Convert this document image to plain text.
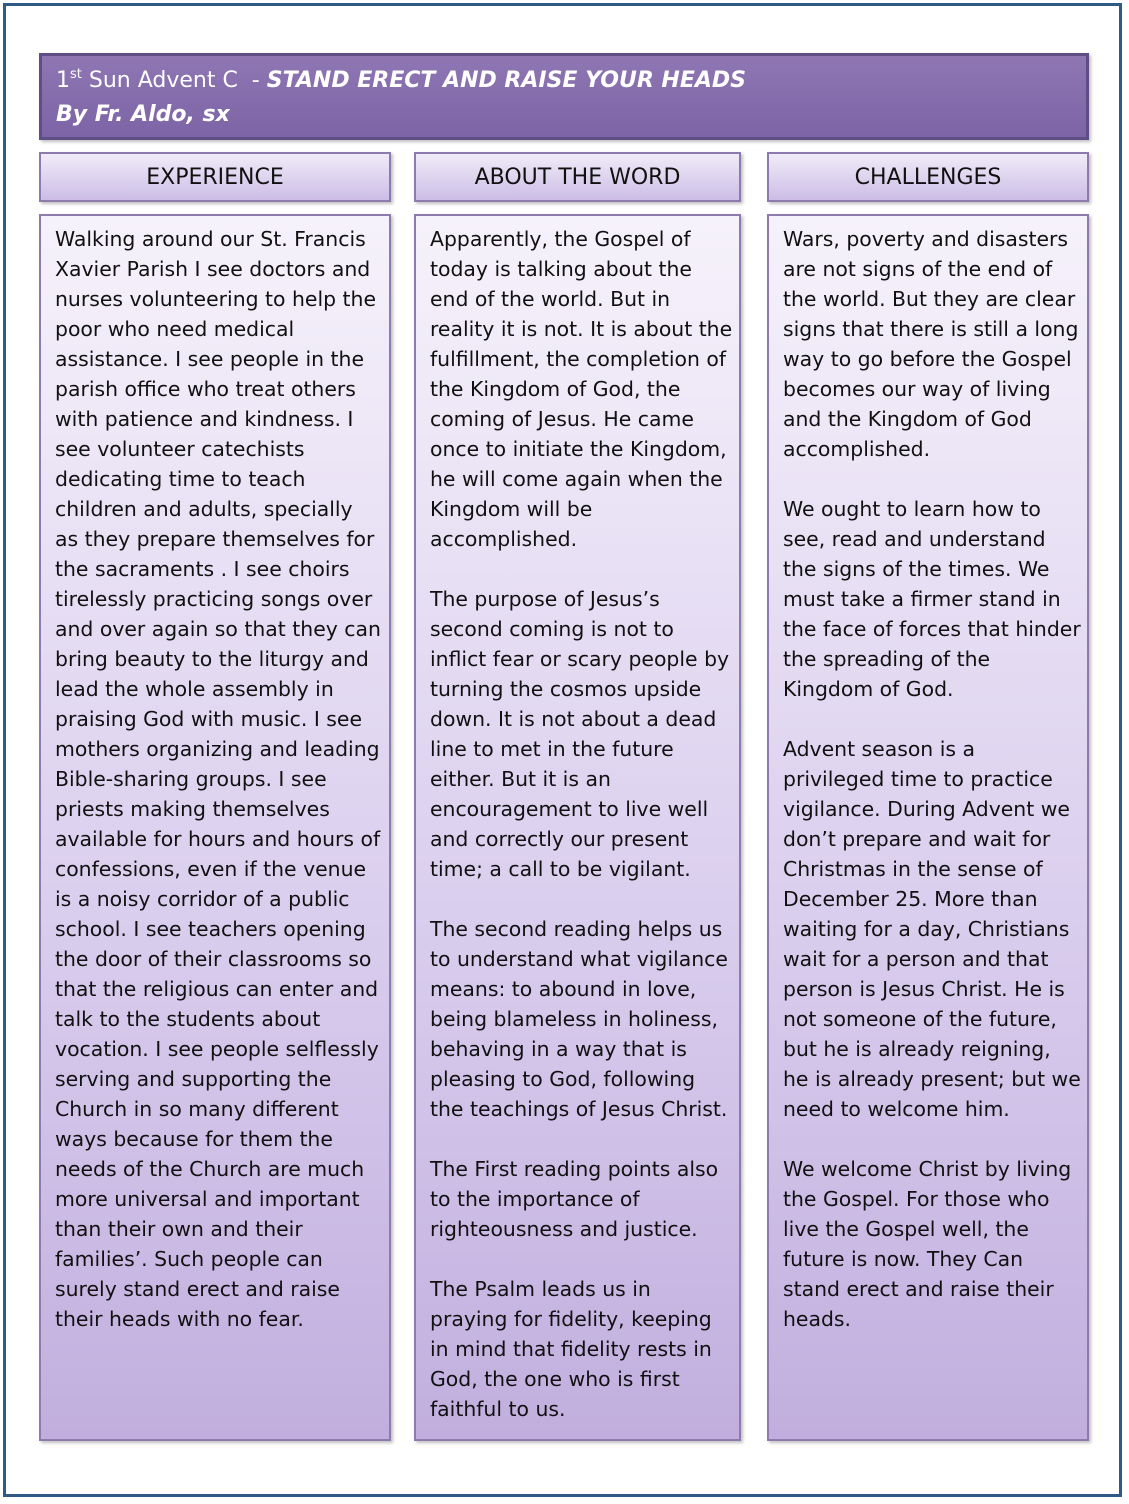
1st Sun Advent C  - STAND ERECT AND RAISE YOUR HEADS
By Fr. Aldo, sx
EXPERIENCE	ABOUT THE WORD	CHALLENGES
Walking around our St. Francis Xavier Parish I see doctors and nurses volunteering to help the poor who need medical assistance. I see people in the parish office who treat others with patience and kindness. I see volunteer catechists dedicating time to teach children and adults, specially as they prepare themselves for the sacraments . I see choirs tirelessly practicing songs over and over again so that they can bring beauty to the liturgy and lead the whole assembly in praising God with music. I see mothers organizing and leading Bible-sharing groups. I see priests making themselves available for hours and hours of confessions, even if the venue is a noisy corridor of a public school. I see teachers opening the door of their classrooms so that the religious can enter and talk to the students about vocation. I see people selflessly serving and supporting the Church in so many different ways because for them the needs of the Church are much more universal and important than their own and their families’. Such people can surely stand erect and raise their heads with no fear.
Apparently, the Gospel of today is talking about the end of the world. But in reality it is not. It is about the fulfillment, the completion of the Kingdom of God, the coming of Jesus. He came once to initiate the Kingdom, he will come again when the Kingdom will be accomplished.

The purpose of Jesus’s second coming is not to inflict fear or scary people by turning the cosmos upside down. It is not about a dead line to met in the future either. But it is an encouragement to live well and correctly our present time; a call to be vigilant.

The second reading helps us to understand what vigilance means: to abound in love, being blameless in holiness, behaving in a way that is pleasing to God, following the teachings of Jesus Christ.

The First reading points also to the importance of righteousness and justice.

The Psalm leads us in praying for fidelity, keeping in mind that fidelity rests in God, the one who is first faithful to us.
Wars, poverty and disasters are not signs of the end of the world. But they are clear signs that there is still a long way to go before the Gospel becomes our way of living and the Kingdom of God accomplished.

We ought to learn how to see, read and understand the signs of the times. We must take a firmer stand in the face of forces that hinder the spreading of the Kingdom of God.

Advent season is a privileged time to practice vigilance. During Advent we don’t prepare and wait for Christmas in the sense of December 25. More than waiting for a day, Christians wait for a person and that person is Jesus Christ. He is not someone of the future, but he is already reigning, he is already present; but we need to welcome him.

We welcome Christ by living the Gospel. For those who live the Gospel well, the future is now. They Can stand erect and raise their heads.
